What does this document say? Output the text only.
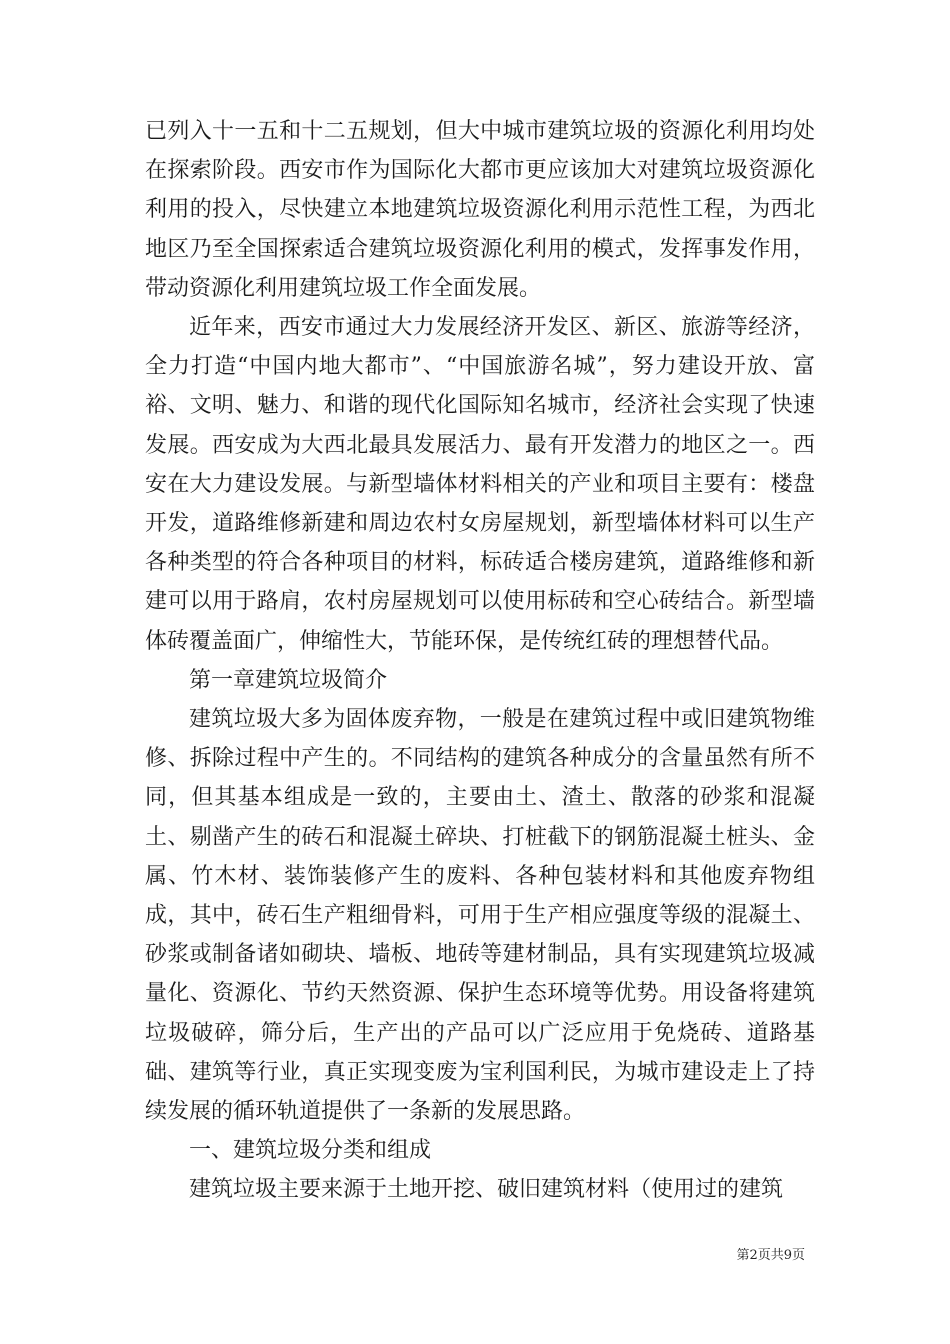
已列入十一五和十二五规划，但大中城市建筑垃圾的资源化利用均处在探索阶段。西安市作为国际化大都市更应该加大对建筑垃圾资源化利用的投入，尽快建立本地建筑垃圾资源化利用示范性工程，为西北地区乃至全国探索适合建筑垃圾资源化利用的模式，发挥事发作用，带动资源化利用建筑垃圾工作全面发展。

近年来，西安市通过大力发展经济开发区、新区、旅游等经济，全力打造“中国内地大都市”、“中国旅游名城”，努力建设开放、富裕、文明、魅力、和谐的现代化国际知名城市，经济社会实现了快速发展。西安成为大西北最具发展活力、最有开发潜力的地区之一。西安在大力建设发展。与新型墙体材料相关的产业和项目主要有：楼盘开发，道路维修新建和周边农村女房屋规划，新型墙体材料可以生产各种类型的符合各种项目的材料，标砖适合楼房建筑，道路维修和新建可以用于路肩，农村房屋规划可以使用标砖和空心砖结合。新型墙体砖覆盖面广，伸缩性大，节能环保，是传统红砖的理想替代品。

第一章建筑垃圾简介

建筑垃圾大多为固体废弃物，一般是在建筑过程中或旧建筑物维修、拆除过程中产生的。不同结构的建筑各种成分的含量虽然有所不同，但其基本组成是一致的，主要由土、渣土、散落的砂浆和混凝土、剔凿产生的砖石和混凝土碎块、打桩截下的钢筋混凝土桩头、金属、竹木材、装饰装修产生的废料、各种包装材料和其他废弃物组成，其中，砖石生产粗细骨料，可用于生产相应强度等级的混凝土、砂浆或制备诸如砌块、墙板、地砖等建材制品，具有实现建筑垃圾减量化、资源化、节约天然资源、保护生态环境等优势。用设备将建筑垃圾破碎，筛分后，生产出的产品可以广泛应用于免烧砖、道路基础、建筑等行业，真正实现变废为宝利国利民，为城市建设走上了持续发展的循环轨道提供了一条新的发展思路。

一、建筑垃圾分类和组成

建筑垃圾主要来源于土地开挖、破旧建筑材料（使用过的建筑

第2页共9页
